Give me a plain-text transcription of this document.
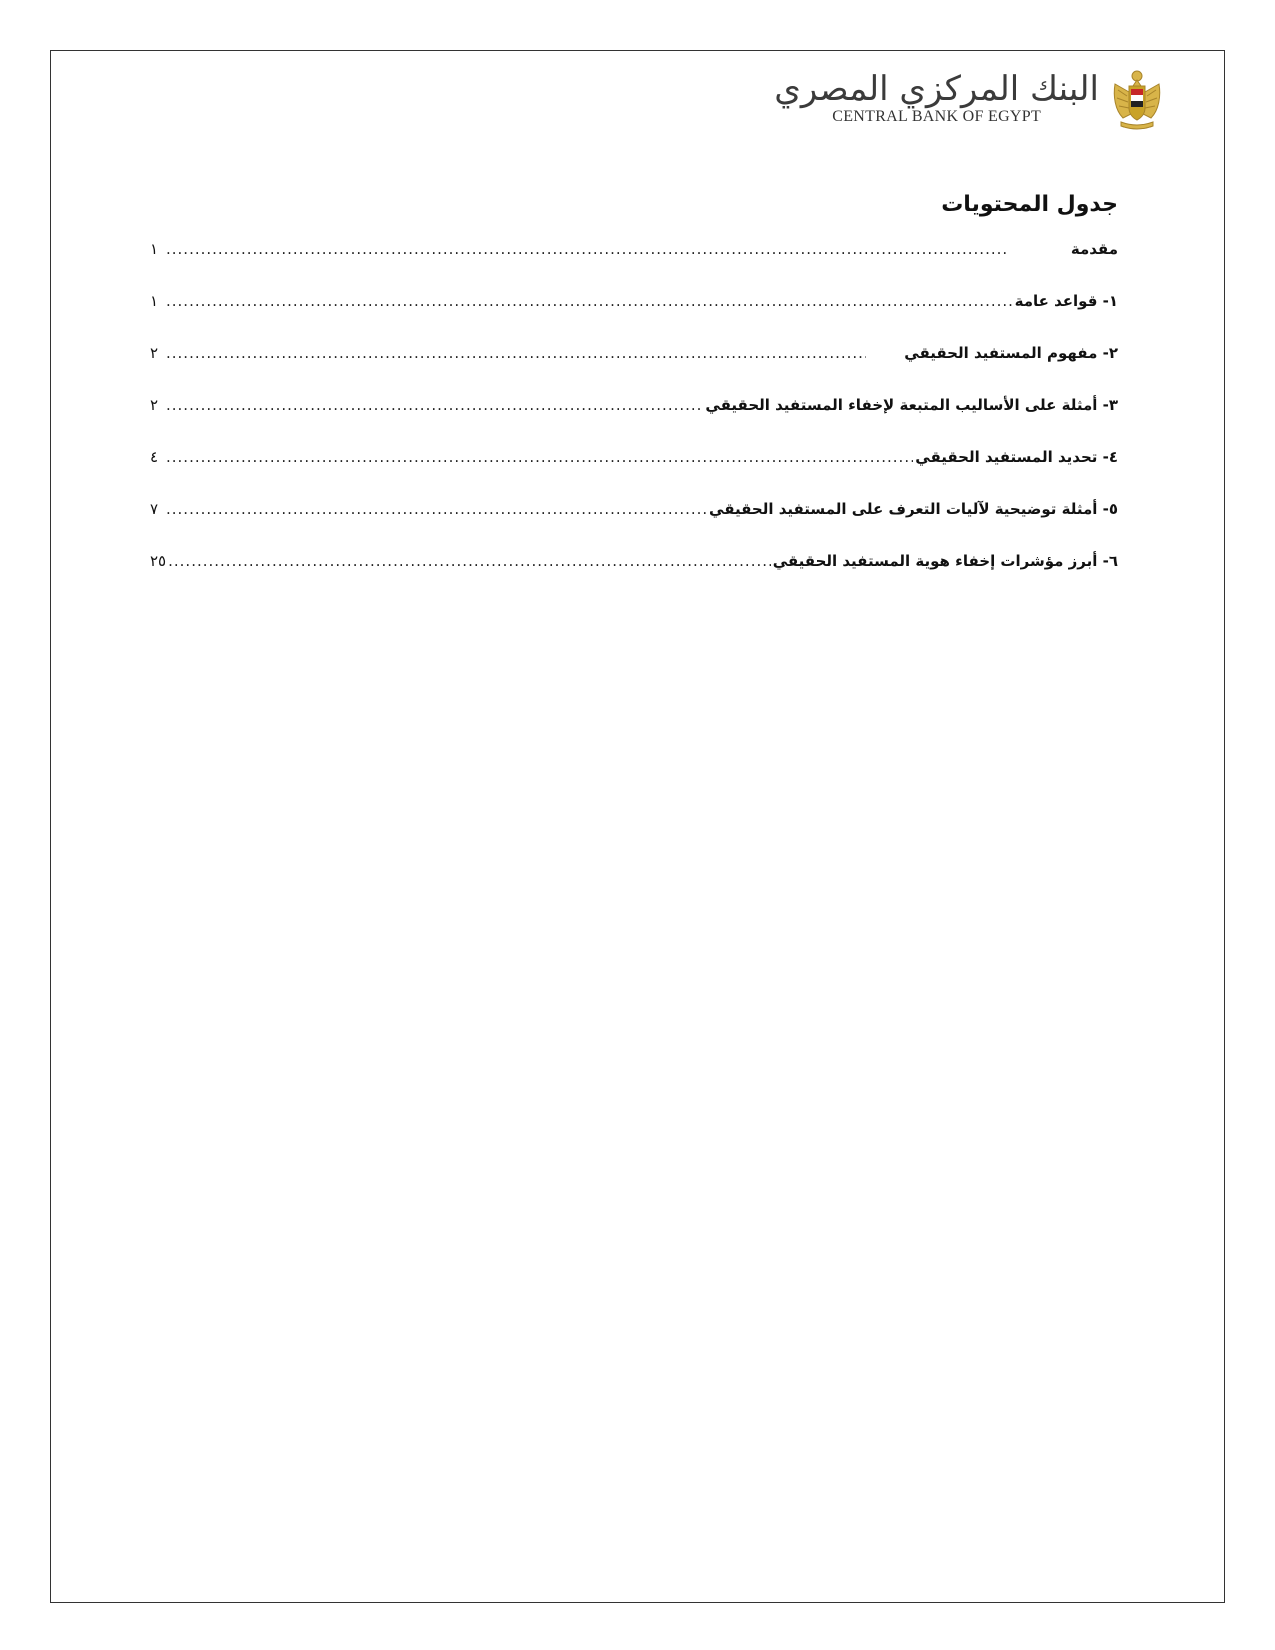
البنك المركزي المصري
CENTRAL BANK OF EGYPT
جدول المحتويات
مقدمة
.....
١
١- قواعد عامة
.....
١
٢- مفهوم المستفيد الحقيقي
.....
٢
٣- أمثلة على الأساليب المتبعة لإخفاء المستفيد الحقيقي
.....
٢
٤- تحديد المستفيد الحقيقي
.....
٤
٥- أمثلة توضيحية لآليات التعرف على المستفيد الحقيقي
.....
٧
٦- أبرز مؤشرات إخفاء هوية المستفيد الحقيقي
.....
٢٥
